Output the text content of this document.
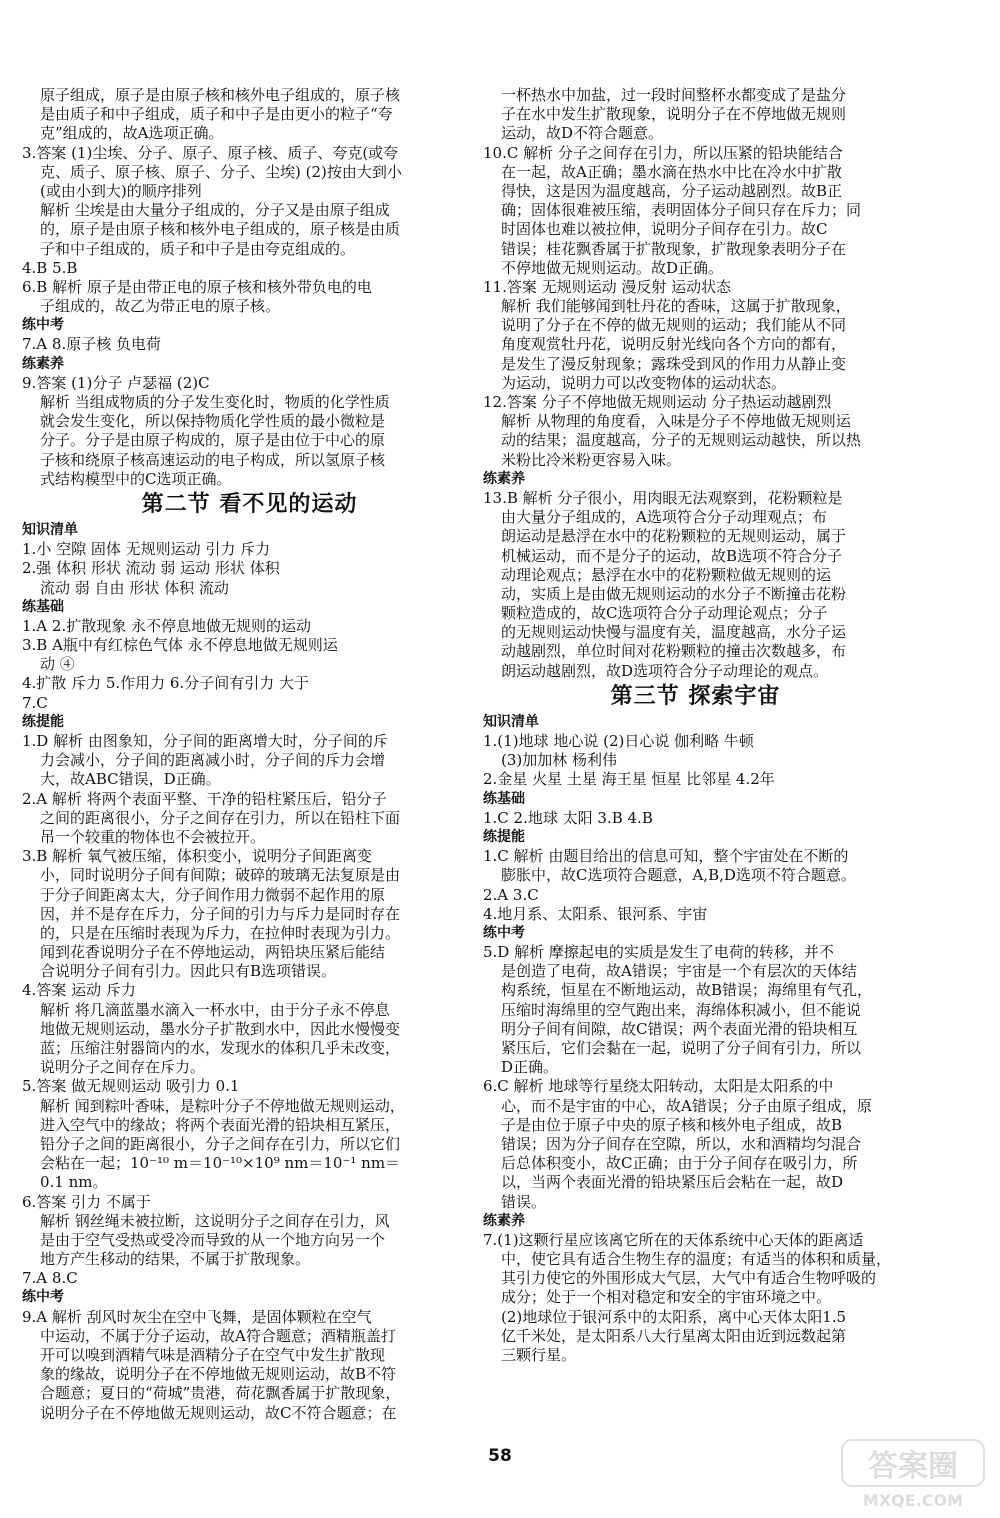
原子组成，原子是由原子核和核外电子组成的，原子核
是由质子和中子组成，质子和中子是由更小的粒子“夸
克”组成的，故A选项正确。
3.答案 (1)尘埃、分子、原子、原子核、质子、夸克(或夸
克、质子、原子核、原子、分子、尘埃) (2)按由大到小
(或由小到大)的顺序排列
解析 尘埃是由大量分子组成的，分子又是由原子组成
的，原子是由原子核和核外电子组成的，原子核是由质
子和中子组成的，质子和中子是由夸克组成的。
4.B 5.B
6.B 解析 原子是由带正电的原子核和核外带负电的电
子组成的，故乙为带正电的原子核。
练中考
7.A 8.原子核 负电荷
练素养
9.答案 (1)分子 卢瑟福 (2)C
解析 当组成物质的分子发生变化时，物质的化学性质
就会发生变化，所以保持物质化学性质的最小微粒是
分子。分子是由原子构成的，原子是由位于中心的原
子核和绕原子核高速运动的电子构成，所以氢原子核
式结构模型中的C选项正确。
第二节 看不见的运动
知识清单
1.小 空隙 固体 无规则运动 引力 斥力
2.强 体积 形状 流动 弱 运动 形状 体积
流动 弱 自由 形状 体积 流动
练基础
1.A 2.扩散现象 永不停息地做无规则的运动
3.B A瓶中有红棕色气体 永不停息地做无规则运
动 ④
4.扩散 斥力 5.作用力 6.分子间有引力 大于
7.C
练提能
1.D 解析 由图象知，分子间的距离增大时，分子间的斥
力会减小，分子间的距离减小时，分子间的斥力会增
大，故ABC错误，D正确。
2.A 解析 将两个表面平整、干净的铅柱紧压后，铅分子
之间的距离很小，分子之间存在引力，所以在铅柱下面
吊一个较重的物体也不会被拉开。
3.B 解析 氧气被压缩，体积变小，说明分子间距离变
小，同时说明分子间有间隙；破碎的玻璃无法复原是由
于分子间距离太大，分子间作用力微弱不起作用的原
因，并不是存在斥力，分子间的引力与斥力是同时存在
的，只是在压缩时表现为斥力，在拉伸时表现为引力。
闻到花香说明分子在不停地运动，两铅块压紧后能结
合说明分子间有引力。因此只有B选项错误。
4.答案 运动 斥力
解析 将几滴蓝墨水滴入一杯水中，由于分子永不停息
地做无规则运动，墨水分子扩散到水中，因此水慢慢变
蓝；压缩注射器筒内的水，发现水的体积几乎未改变，
说明分子之间存在斥力。
5.答案 做无规则运动 吸引力 0.1
解析 闻到粽叶香味，是粽叶分子不停地做无规则运动，
进入空气中的缘故；将两个表面光滑的铅块相互紧压，
铅分子之间的距离很小，分子之间存在引力，所以它们
会粘在一起；10⁻¹⁰ m＝10⁻¹⁰×10⁹ nm＝10⁻¹ nm＝
0.1 nm。
6.答案 引力 不属于
解析 钢丝绳未被拉断，这说明分子之间存在引力，风
是由于空气受热或受冷而导致的从一个地方向另一个
地方产生移动的结果，不属于扩散现象。
7.A 8.C
练中考
9.A 解析 刮风时灰尘在空中飞舞，是固体颗粒在空气
中运动，不属于分子运动，故A符合题意；酒精瓶盖打
开可以嗅到酒精气味是酒精分子在空气中发生扩散现
象的缘故，说明分子在不停地做无规则运动，故B不符
合题意；夏日的“荷城”贵港，荷花飘香属于扩散现象，
说明分子在不停地做无规则运动，故C不符合题意；在
一杯热水中加盐，过一段时间整杯水都变成了是盐分
子在水中发生扩散现象，说明分子在不停地做无规则
运动，故D不符合题意。
10.C 解析 分子之间存在引力，所以压紧的铅块能结合
在一起，故A正确；墨水滴在热水中比在冷水中扩散
得快，这是因为温度越高，分子运动越剧烈。故B正
确；固体很难被压缩，表明固体分子间只存在斥力；同
时固体也难以被拉伸，说明分子间存在引力。故C
错误；桂花飘香属于扩散现象，扩散现象表明分子在
不停地做无规则运动。故D正确。
11.答案 无规则运动 漫反射 运动状态
解析 我们能够闻到牡丹花的香味，这属于扩散现象，
说明了分子在不停的做无规则的运动；我们能从不同
角度观赏牡丹花，说明反射光线向各个方向的都有，
是发生了漫反射现象；露珠受到风的作用力从静止变
为运动，说明力可以改变物体的运动状态。
12.答案 分子不停地做无规则运动 分子热运动越剧烈
解析 从物理的角度看，入味是分子不停地做无规则运
动的结果；温度越高，分子的无规则运动越快，所以热
米粉比冷米粉更容易入味。
练素养
13.B 解析 分子很小，用肉眼无法观察到，花粉颗粒是
由大量分子组成的，A选项符合分子动理观点；布
朗运动是悬浮在水中的花粉颗粒的无规则运动，属于
机械运动，而不是分子的运动，故B选项不符合分子
动理论观点；悬浮在水中的花粉颗粒做无规则的运
动，实质上是由做无规则运动的水分子不断撞击花粉
颗粒造成的，故C选项符合分子动理论观点；分子
的无规则运动快慢与温度有关，温度越高，水分子运
动越剧烈，单位时间对花粉颗粒的撞击次数越多，布
朗运动越剧烈，故D选项符合分子动理论的观点。
第三节 探索宇宙
知识清单
1.(1)地球 地心说 (2)日心说 伽利略 牛顿
(3)加加林 杨利伟
2.金星 火星 土星 海王星 恒星 比邻星 4.2年
练基础
1.C 2.地球 太阳 3.B 4.B
练提能
1.C 解析 由题目给出的信息可知，整个宇宙处在不断的
膨胀中，故C选项符合题意，A,B,D选项不符合题意。
2.A 3.C
4.地月系、太阳系、银河系、宇宙
练中考
5.D 解析 摩擦起电的实质是发生了电荷的转移，并不
是创造了电荷，故A错误；宇宙是一个有层次的天体结
构系统，恒星在不断地运动，故B错误；海绵里有气孔，
压缩时海绵里的空气跑出来，海绵体积减小，但不能说
明分子间有间隙，故C错误；两个表面光滑的铅块相互
紧压后，它们会黏在一起，说明了分子间有引力，所以
D正确。
6.C 解析 地球等行星绕太阳转动，太阳是太阳系的中
心，而不是宇宙的中心，故A错误；分子由原子组成，原
子是由位于原子中央的原子核和核外电子组成，故B
错误；因为分子间存在空隙，所以，水和酒精均匀混合
后总体积变小，故C正确；由于分子间存在吸引力，所
以，当两个表面光滑的铅块紧压后会粘在一起，故D
错误。
练素养
7.(1)这颗行星应该离它所在的天体系统中心天体的距离适
中，使它具有适合生物生存的温度；有适当的体积和质量，
其引力使它的外围形成大气层，大气中有适合生物呼吸的
成分；处于一个相对稳定和安全的宇宙环境之中。
(2)地球位于银河系中的太阳系，离中心天体太阳1.5
亿千米处，是太阳系八大行星离太阳由近到远数起第
三颗行星。
58	答案圈
MXQE.COM
